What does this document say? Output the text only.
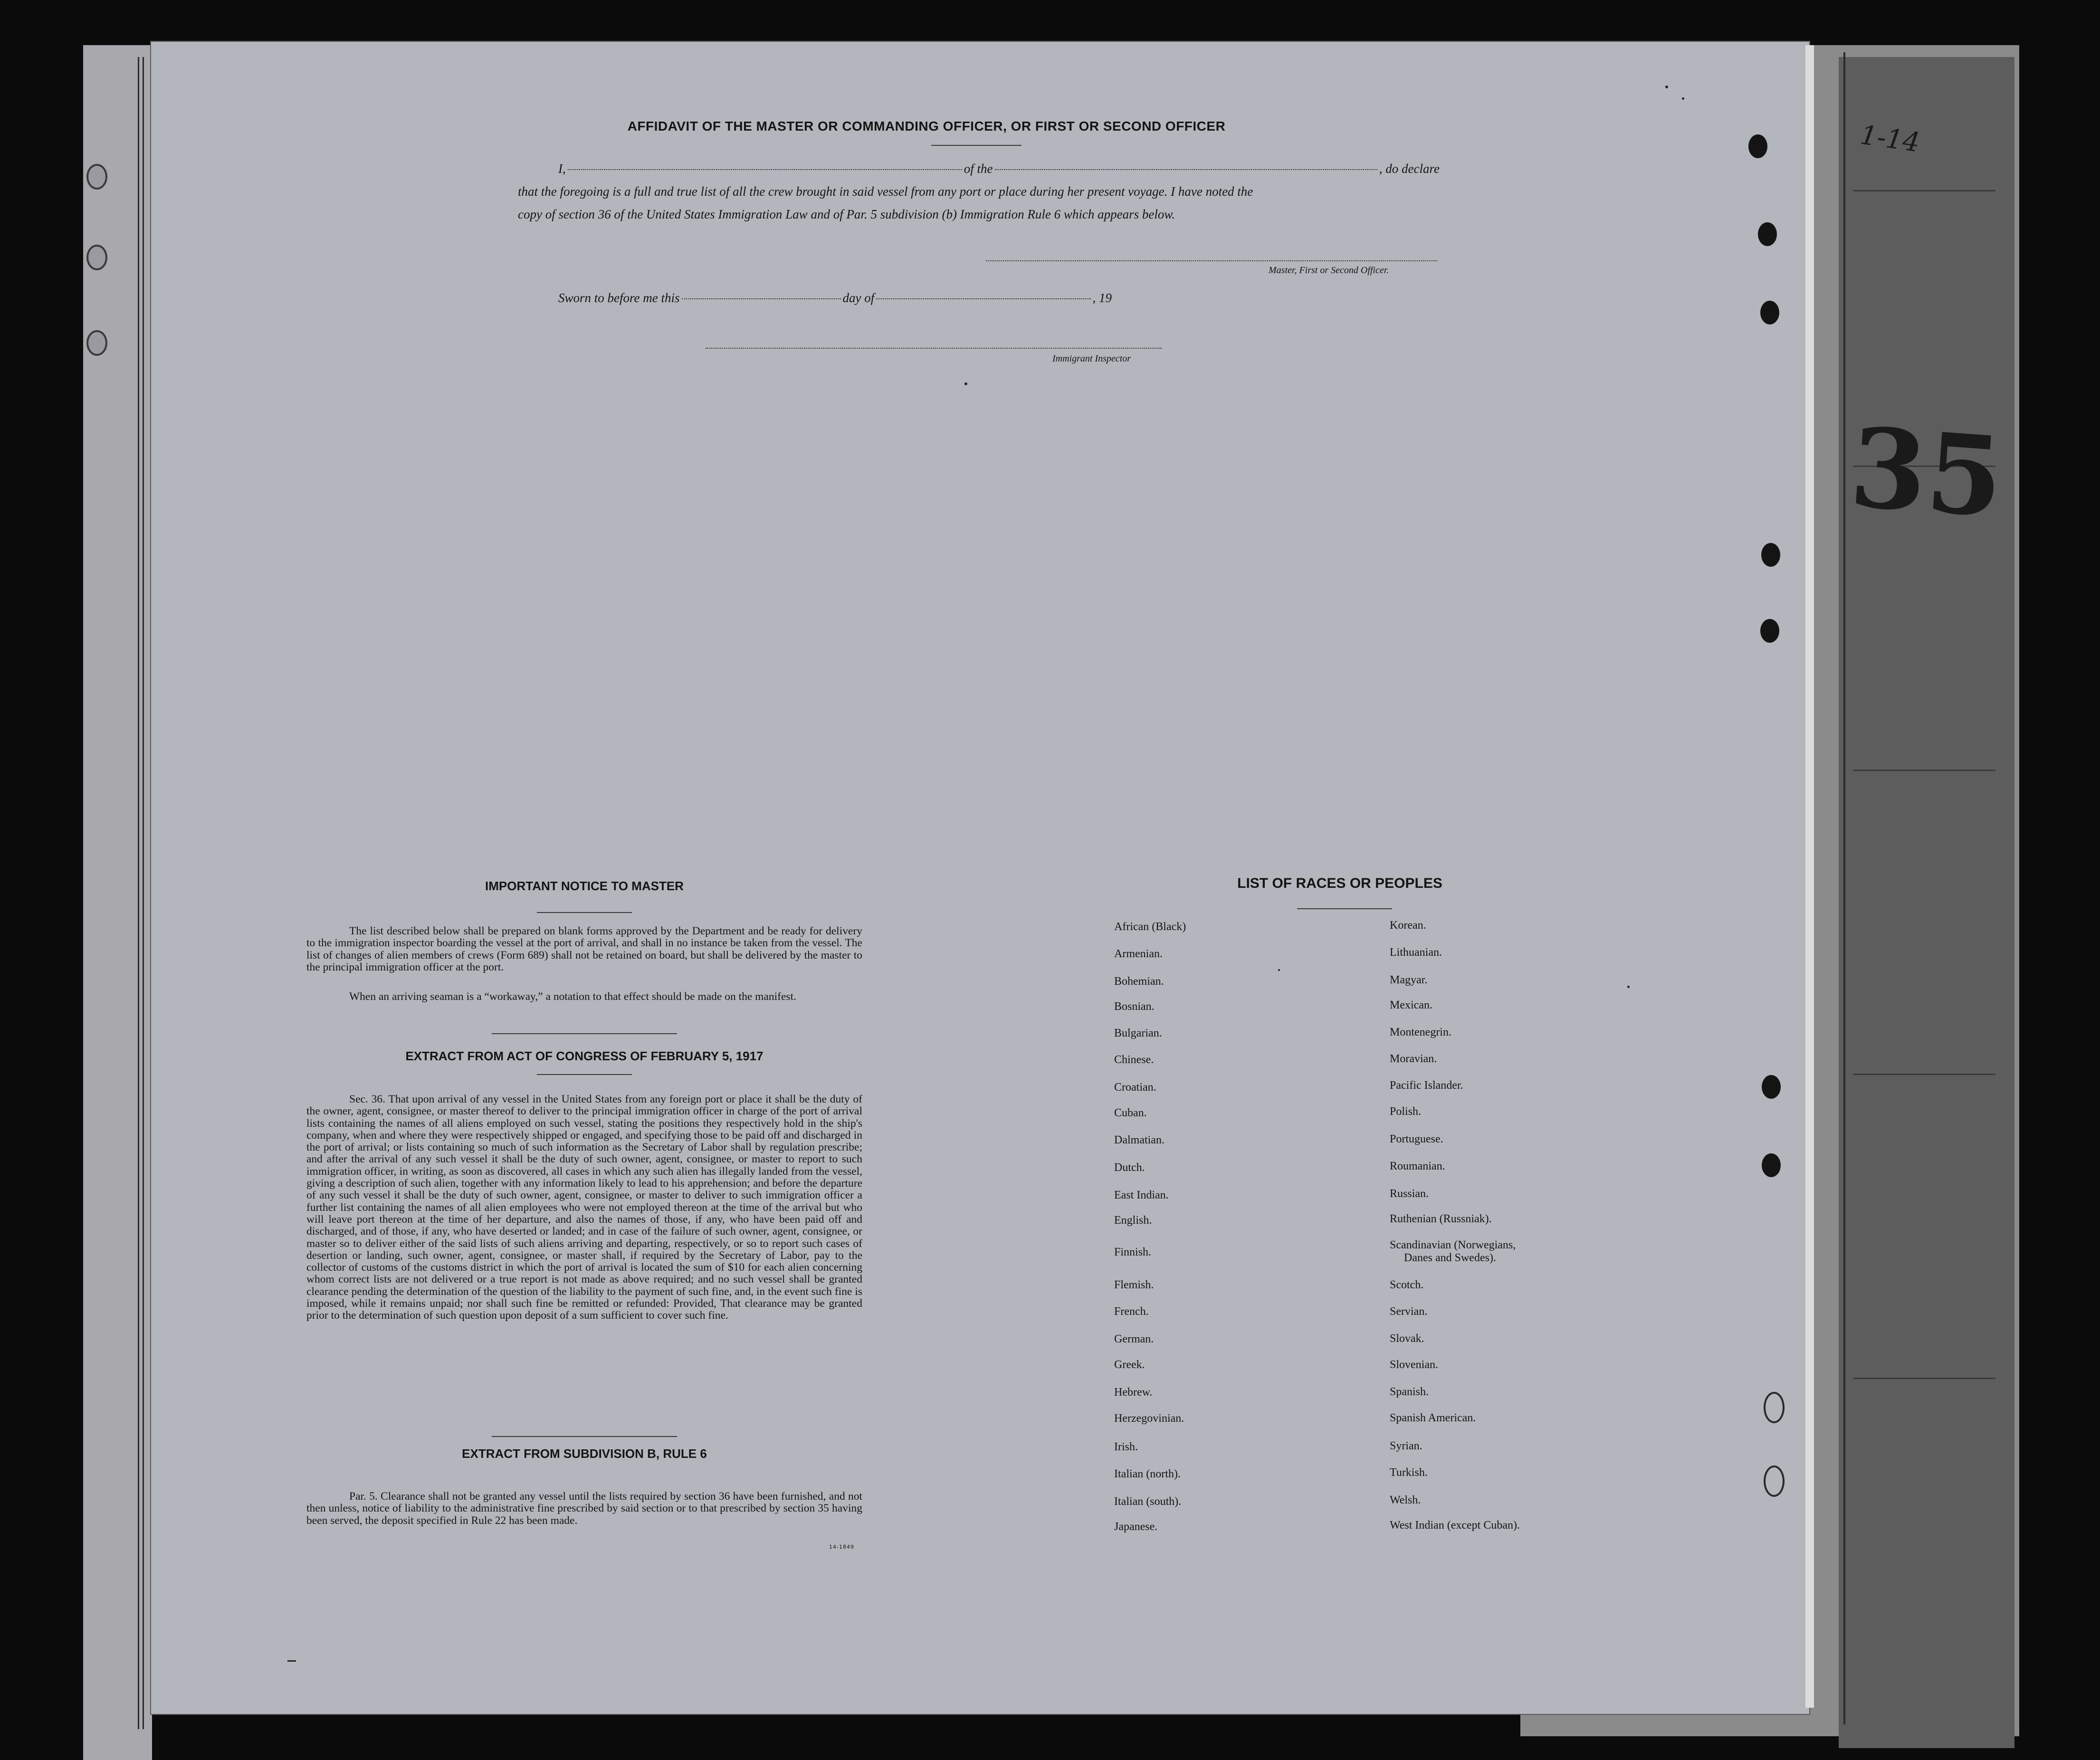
1-14
35
AFFIDAVIT OF THE MASTER OR COMMANDING OFFICER, OR FIRST OR SECOND OFFICER
I,	of the	, do declare
that the foregoing is a full and true list of all the crew brought in said vessel from any port or place during her present voyage. I have noted the
copy of section 36 of the United States Immigration Law and of Par. 5 subdivision (b) Immigration Rule 6 which appears below.
Master, First or Second Officer.
Sworn to before me this	day of	, 19
Immigrant Inspector
IMPORTANT NOTICE TO MASTER
The list described below shall be prepared on blank forms approved by the Department and be ready for delivery to the immigration inspector boarding the vessel at the port of arrival, and shall in no instance be taken from the vessel. The list of changes of alien members of crews (Form 689) shall not be retained on board, but shall be delivered by the master to the principal immigration officer at the port.
When an arriving seaman is a “workaway,” a notation to that effect should be made on the manifest.
EXTRACT FROM ACT OF CONGRESS OF FEBRUARY 5, 1917
Sec. 36. That upon arrival of any vessel in the United States from any foreign port or place it shall be the duty of the owner, agent, consignee, or master thereof to deliver to the principal immigration officer in charge of the port of arrival lists containing the names of all aliens employed on such vessel, stating the positions they respectively hold in the ship's company, when and where they were respectively shipped or engaged, and specifying those to be paid off and discharged in the port of arrival; or lists containing so much of such information as the Secretary of Labor shall by regulation prescribe; and after the arrival of any such vessel it shall be the duty of such owner, agent, consignee, or master to report to such immigration officer, in writing, as soon as discovered, all cases in which any such alien has illegally landed from the vessel, giving a description of such alien, together with any information likely to lead to his apprehension; and before the departure of any such vessel it shall be the duty of such owner, agent, consignee, or master to deliver to such immigration officer a further list containing the names of all alien employees who were not employed thereon at the time of the arrival but who will leave port thereon at the time of her departure, and also the names of those, if any, who have been paid off and discharged, and of those, if any, who have deserted or landed; and in case of the failure of such owner, agent, consignee, or master so to deliver either of the said lists of such aliens arriving and departing, respectively, or so to report such cases of desertion or landing, such owner, agent, consignee, or master shall, if required by the Secretary of Labor, pay to the collector of customs of the customs district in which the port of arrival is located the sum of $10 for each alien concerning whom correct lists are not delivered or a true report is not made as above required; and no such vessel shall be granted clearance pending the determination of the question of the liability to the payment of such fine, and, in the event such fine is imposed, while it remains unpaid; nor shall such fine be remitted or refunded: Provided, That clearance may be granted prior to the determination of such question upon deposit of a sum sufficient to cover such fine.
EXTRACT FROM SUBDIVISION B, RULE 6
Par. 5. Clearance shall not be granted any vessel until the lists required by section 36 have been furnished, and not then unless, notice of liability to the administrative fine prescribed by said section or to that prescribed by section 35 having been served, the deposit specified in Rule 22 has been made.
14-1849
LIST OF RACES OR PEOPLES
African (Black)
Armenian.
Bohemian.
Bosnian.
Bulgarian.
Chinese.
Croatian.
Cuban.
Dalmatian.
Dutch.
East Indian.
English.
Finnish.
Flemish.
French.
German.
Greek.
Hebrew.
Herzegovinian.
Irish.
Italian (north).
Italian (south).
Japanese.
Korean.
Lithuanian.
Magyar.
Mexican.
Montenegrin.
Moravian.
Pacific Islander.
Polish.
Portuguese.
Roumanian.
Russian.
Ruthenian (Russniak).
Scandinavian (Norwegians,
Danes and Swedes).
Scotch.
Servian.
Slovak.
Slovenian.
Spanish.
Spanish American.
Syrian.
Turkish.
Welsh.
West Indian (except Cuban).
